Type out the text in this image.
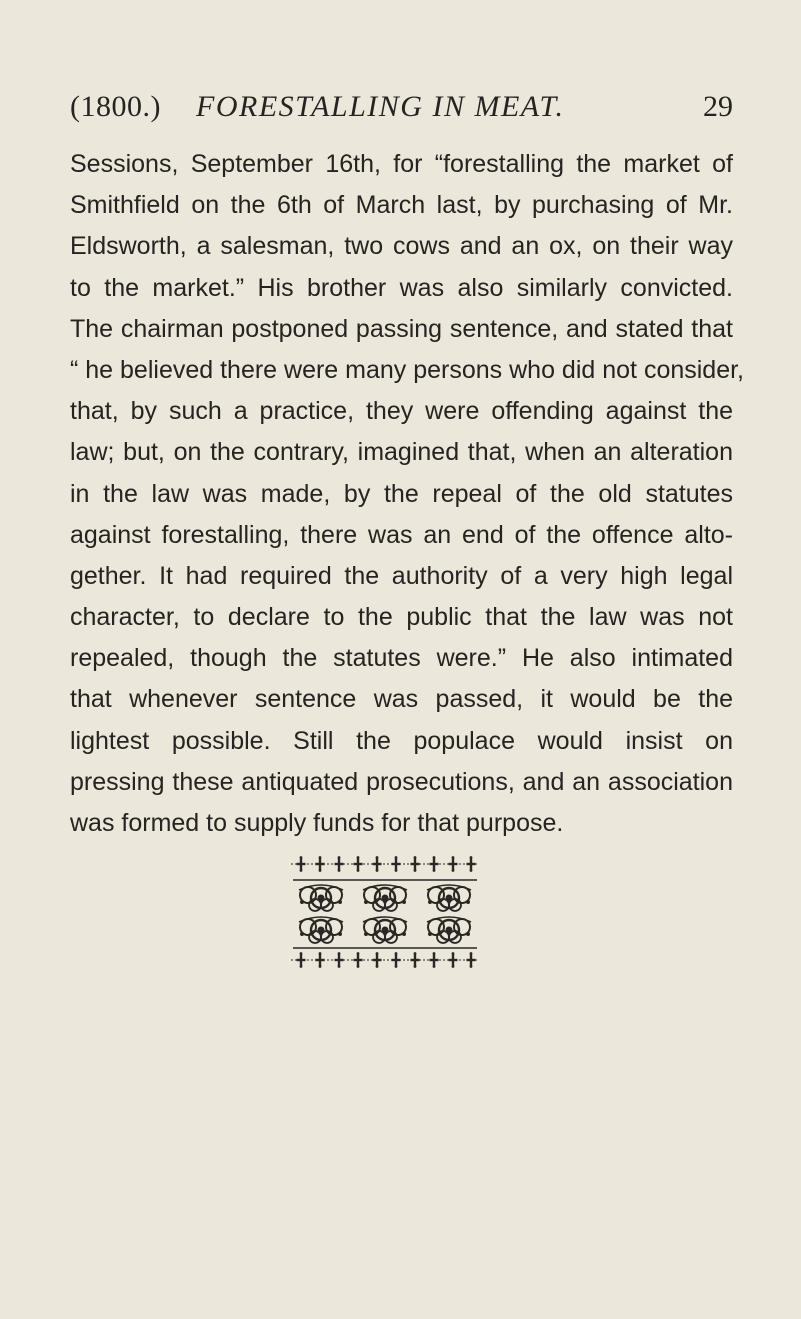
(1800.) FORESTALLING IN MEAT.	29
Sessions, September 16th, for “forestalling the market of
Smithfield on the 6th of March last, by purchasing of Mr.
Eldsworth, a salesman, two cows and an ox, on their way
to the market.” His brother was also similarly convicted.
The chairman postponed passing sentence, and stated that
“ he believed there were many persons who did not consider,
that, by such a practice, they were offending against the
law; but, on the contrary, imagined that, when an alteration
in the law was made, by the repeal of the old statutes
against forestalling, there was an end of the offence alto-
gether. It had required the authority of a very high legal
character, to declare to the public that the law was not
repealed, though the statutes were.” He also intimated
that whenever sentence was passed, it would be the
lightest possible. Still the populace would insist on
pressing these antiquated prosecutions, and an association
was formed to supply funds for that purpose.
